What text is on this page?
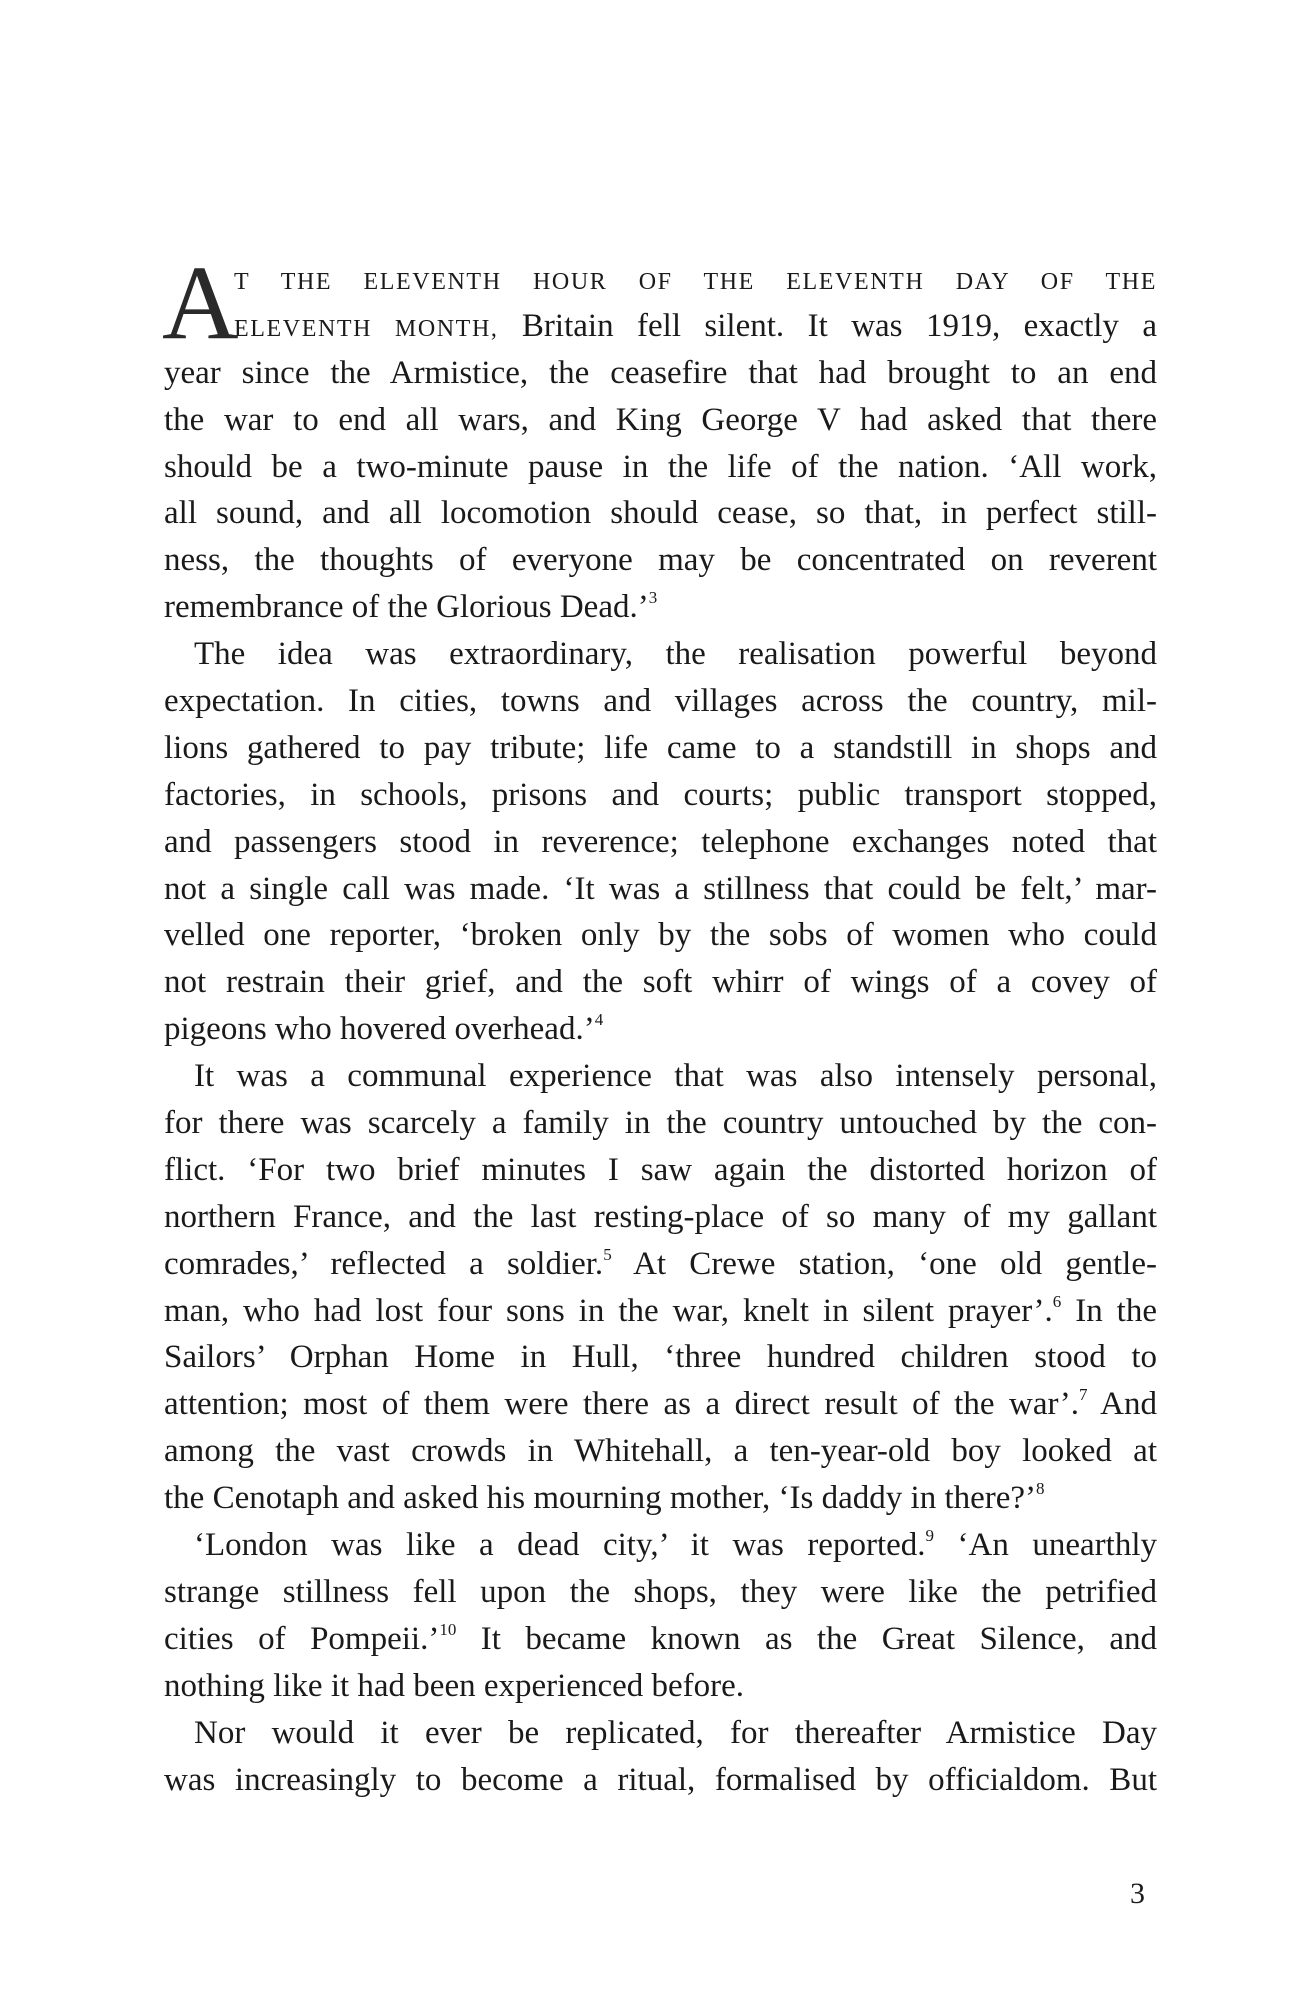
A
T THE ELEVENTH HOUR OF THE ELEVENTH DAY OF THE
ELEVENTH MONTH, Britain fell silent. It was 1919, exactly a
year since the Armistice, the ceasefire that had brought to an end
the war to end all wars, and King George V had asked that there
should be a two-minute pause in the life of the nation. ‘All work,
all sound, and all locomotion should cease, so that, in perfect still-
ness, the thoughts of everyone may be concentrated on reverent
remembrance of the Glorious Dead.’$^3$
The idea was extraordinary, the realisation powerful beyond
expectation. In cities, towns and villages across the country, mil-
lions gathered to pay tribute; life came to a standstill in shops and
factories, in schools, prisons and courts; public transport stopped,
and passengers stood in reverence; telephone exchanges noted that
not a single call was made. ‘It was a stillness that could be felt,’ mar-
velled one reporter, ‘broken only by the sobs of women who could
not restrain their grief, and the soft whirr of wings of a covey of
pigeons who hovered overhead.’$^4$
It was a communal experience that was also intensely personal,
for there was scarcely a family in the country untouched by the con-
flict. ‘For two brief minutes I saw again the distorted horizon of
northern France, and the last resting-place of so many of my gallant
comrades,’ reflected a soldier.$^5$ At Crewe station, ‘one old gentle-
man, who had lost four sons in the war, knelt in silent prayer’.$^6$ In the
Sailors’ Orphan Home in Hull, ‘three hundred children stood to
attention; most of them were there as a direct result of the war’.$^7$ And
among the vast crowds in Whitehall, a ten-year-old boy looked at
the Cenotaph and asked his mourning mother, ‘Is daddy in there?’$^8$
‘London was like a dead city,’ it was reported.$^9$ ‘An unearthly
strange stillness fell upon the shops, they were like the petrified
cities of Pompeii.’$^{10}$ It became known as the Great Silence, and
nothing like it had been experienced before.
Nor would it ever be replicated, for thereafter Armistice Day
was increasingly to become a ritual, formalised by officialdom. But
3
